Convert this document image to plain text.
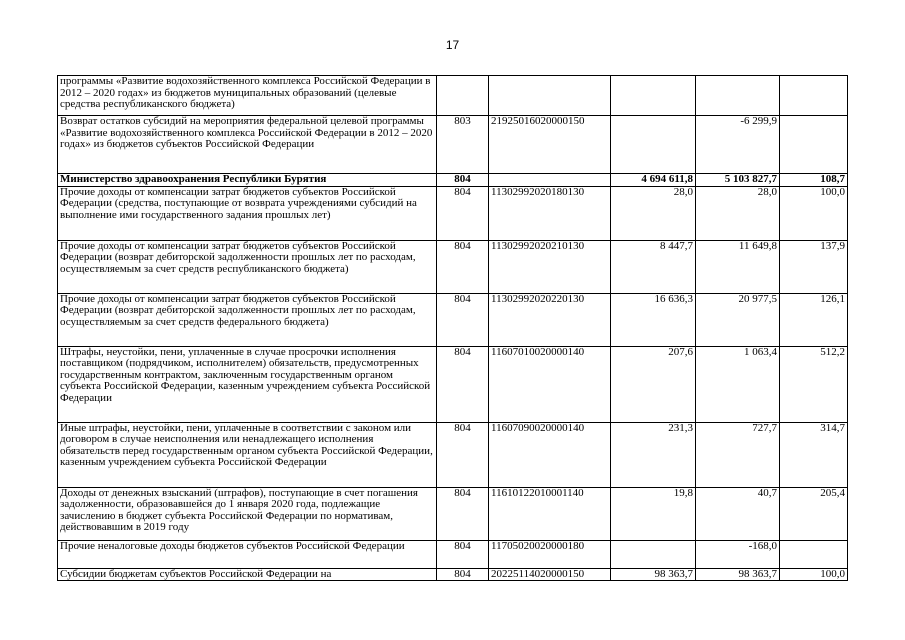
17
программы «Развитие водохозяйственного комплекса Российской Федерации в 2012 – 2020 годах» из бюджетов муниципальных образований (целевые средства республиканского бюджета)					
Возврат остатков субсидий на мероприятия федеральной целевой программы «Развитие водохозяйственного комплекса Российской Федерации в 2012 – 2020 годах» из бюджетов субъектов Российской Федерации	803	21925016020000150		-6 299,9	
Министерство здравоохранения Республики Бурятия	804		4 694 611,8	5 103 827,7	108,7
Прочие доходы от компенсации затрат бюджетов субъектов Российской Федерации (средства, поступающие от возврата учреждениями субсидий на выполнение ими государственного задания прошлых лет)	804	11302992020180130	28,0	28,0	100,0
Прочие доходы от компенсации затрат бюджетов субъектов Российской Федерации (возврат дебиторской задолженности прошлых лет по расходам, осуществляемым за счет средств республиканского бюджета)	804	11302992020210130	8 447,7	11 649,8	137,9
Прочие доходы от компенсации затрат бюджетов субъектов Российской Федерации (возврат дебиторской задолженности прошлых лет по расходам, осуществляемым за счет средств федерального бюджета)	804	11302992020220130	16 636,3	20 977,5	126,1
Штрафы, неустойки, пени, уплаченные в случае просрочки исполнения поставщиком (подрядчиком, исполнителем) обязательств, предусмотренных государственным контрактом, заключенным государственным органом субъекта Российской Федерации, казенным учреждением субъекта Российской Федерации	804	11607010020000140	207,6	1 063,4	512,2
Иные штрафы, неустойки, пени, уплаченные в соответствии с законом или договором в случае неисполнения или ненадлежащего исполнения обязательств перед государственным органом субъекта Российской Федерации, казенным учреждением субъекта Российской Федерации	804	11607090020000140	231,3	727,7	314,7
Доходы от денежных взысканий (штрафов), поступающие в счет погашения задолженности, образовавшейся до 1 января 2020 года, подлежащие зачислению в бюджет субъекта Российской Федерации по нормативам, действовавшим в 2019 году	804	11610122010001140	19,8	40,7	205,4
Прочие неналоговые доходы бюджетов субъектов Российской Федерации	804	11705020020000180		-168,0	
Субсидии бюджетам субъектов Российской Федерации на	804	20225114020000150	98 363,7	98 363,7	100,0
